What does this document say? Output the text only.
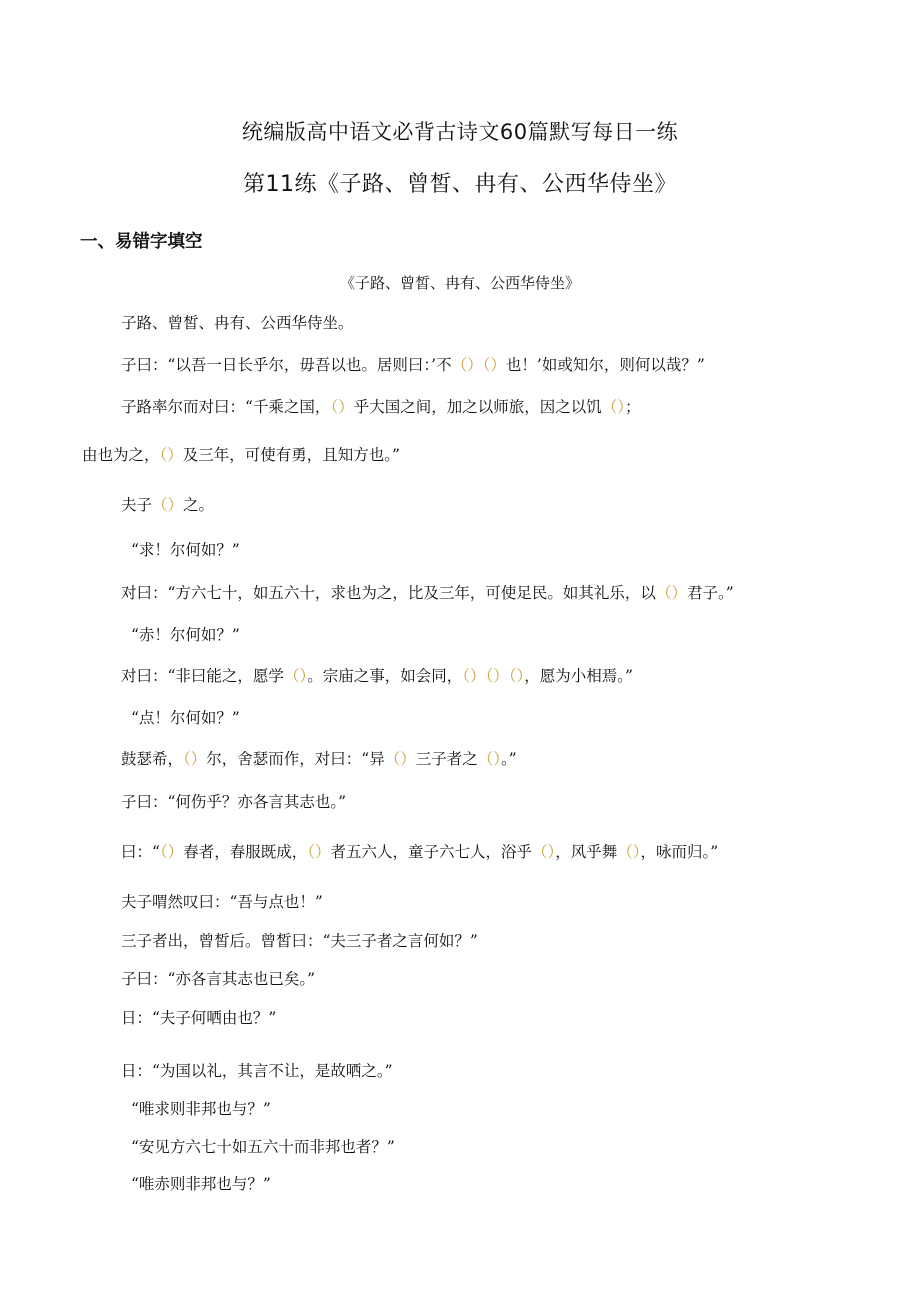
统编版高中语文必背古诗文60篇默写每日一练
第11练《子路、曾皙、冉有、公西华侍坐》
一、易错字填空
《子路、曾皙、冉有、公西华侍坐》
子路、曾皙、冉有、公西华侍坐。
子曰：“以吾一日长乎尔，毋吾以也。居则曰：’不（）（）也！’如或知尔，则何以哉？”
子路率尔而对曰：“千乘之国，（）乎大国之间，加之以师旅，因之以饥（）；
由也为之，（）及三年，可使有勇，且知方也。”
夫子（）之。
“求！尔何如？”
对曰：“方六七十，如五六十，求也为之，比及三年，可使足民。如其礼乐，以（）君子。”
“赤！尔何如？”
对曰：“非曰能之，愿学（）。宗庙之事，如会同，（）（）（），愿为小相焉。”
“点！尔何如？”
鼓瑟希，（）尔，舍瑟而作，对曰：“异（）三子者之（）。”
子曰：“何伤乎？亦各言其志也。”
曰：“（）春者，春服既成，（）者五六人，童子六七人，浴乎（），风乎舞（），咏而归。”
夫子喟然叹曰：“吾与点也！”
三子者出，曾皙后。曾皙曰：“夫三子者之言何如？”
子曰：“亦各言其志也已矣。”
日：“夫子何哂由也？”
日：“为国以礼，其言不让，是故哂之。”
“唯求则非邦也与？”
“安见方六七十如五六十而非邦也者？”
“唯赤则非邦也与？”
